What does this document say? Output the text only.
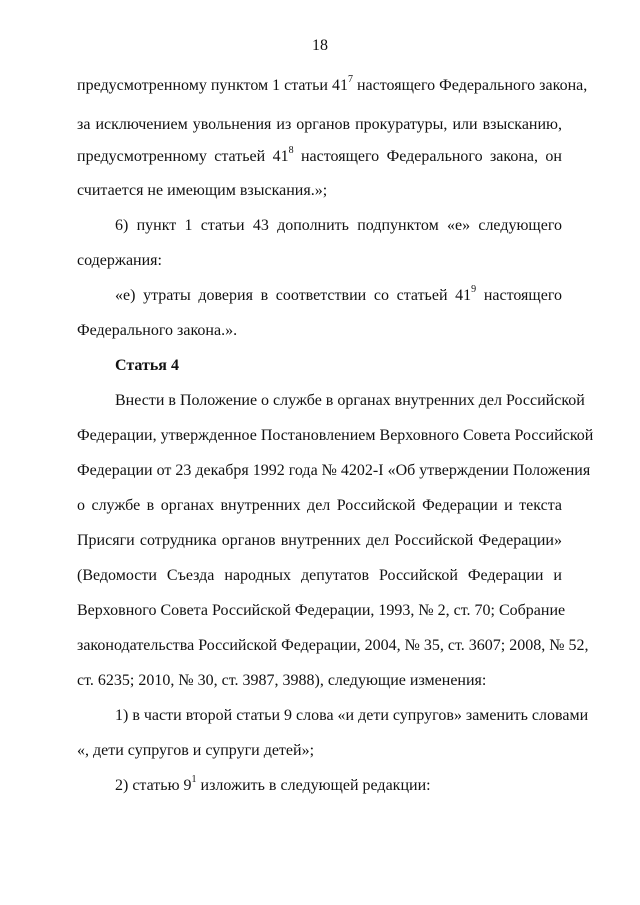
18
предусмотренному пунктом 1 статьи $41^7$ настоящего Федерального закона,
за исключением увольнения из органов прокуратуры, или взысканию,
предусмотренному статьей $41^8$ настоящего Федерального закона, он
считается не имеющим взыскания.»;
6) пункт 1 статьи 43 дополнить подпунктом «е» следующего
содержания:
«е) утраты доверия в соответствии со статьей $41^9$ настоящего
Федерального закона.».
Статья 4
Внести в Положение о службе в органах внутренних дел Российской
Федерации, утвержденное Постановлением Верховного Совета Российской
Федерации от 23 декабря 1992 года № 4202-I «Об утверждении Положения
о службе в органах внутренних дел Российской Федерации и текста
Присяги сотрудника органов внутренних дел Российской Федерации»
(Ведомости Съезда народных депутатов Российской Федерации и
Верховного Совета Российской Федерации, 1993, № 2, ст. 70; Собрание
законодательства Российской Федерации, 2004, № 35, ст. 3607; 2008, № 52,
ст. 6235; 2010, № 30, ст. 3987, 3988), следующие изменения:
1) в части второй статьи 9 слова «и дети супругов» заменить словами
«, дети супругов и супруги детей»;
2) статью $9^1$ изложить в следующей редакции:
